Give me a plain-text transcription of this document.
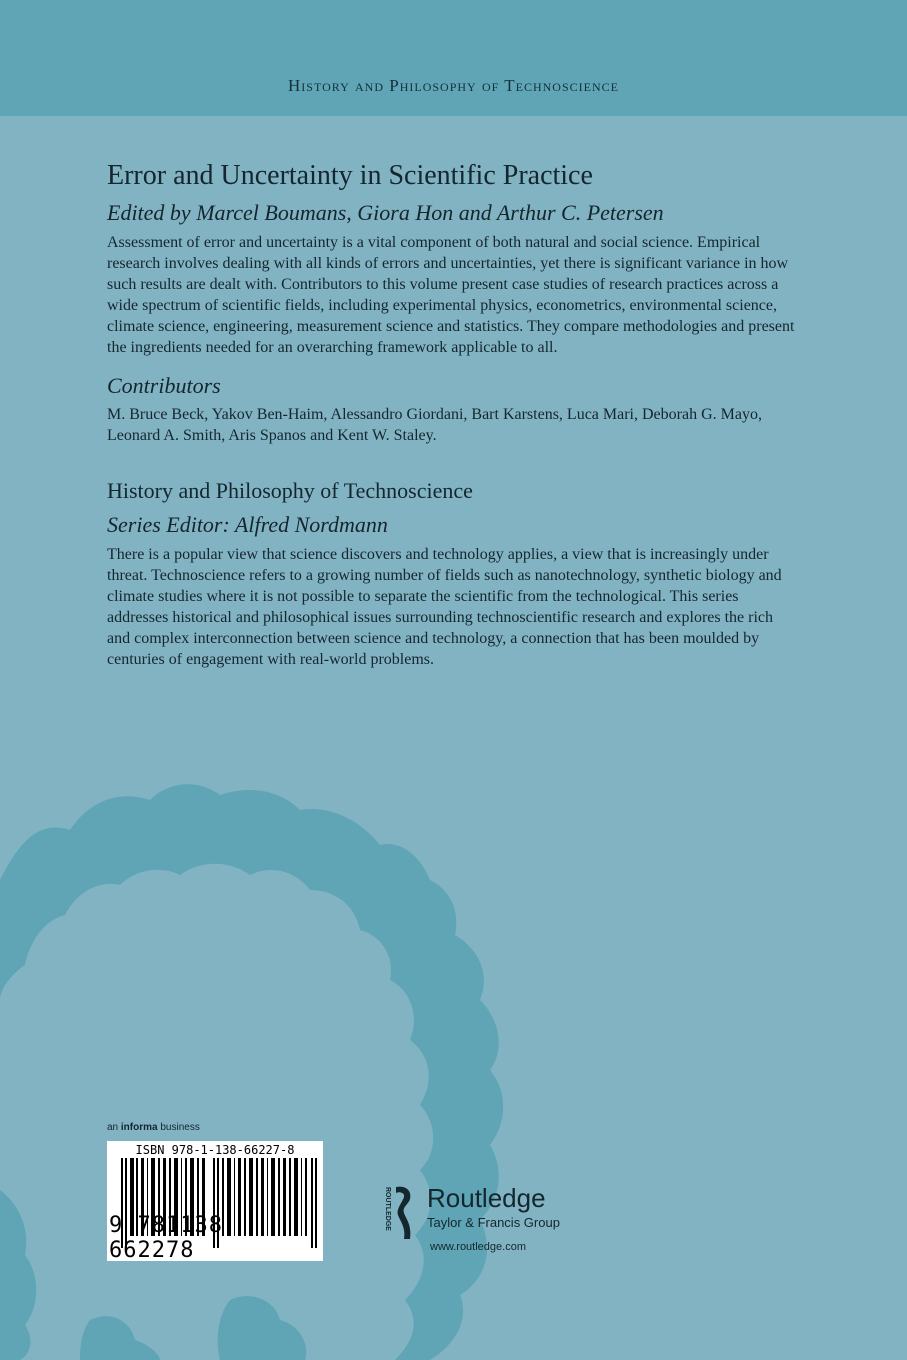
History and Philosophy of Technoscience
Error and Uncertainty in Scientific Practice
Edited by Marcel Boumans, Giora Hon and Arthur C. Petersen

Assessment of error and uncertainty is a vital component of both natural and social science. Empirical research involves dealing with all kinds of errors and uncertainties, yet there is significant variance in how such results are dealt with. Contributors to this volume present case studies of research practices across a wide spectrum of scientific fields, including experimental physics, econometrics, environmental science, climate science, engineering, measurement science and statistics. They compare methodologies and present the ingredients needed for an overarching framework applicable to all.

Contributors

M. Bruce Beck, Yakov Ben-Haim, Alessandro Giordani, Bart Karstens, Luca Mari, Deborah G. Mayo, Leonard A. Smith, Aris Spanos and Kent W. Staley.

History and Philosophy of Technoscience
Series Editor: Alfred Nordmann

There is a popular view that science discovers and technology applies, a view that is increasingly under threat. Technoscience refers to a growing number of fields such as nanotechnology, synthetic biology and climate studies where it is not possible to separate the scientific from the technological. This series addresses historical and philosophical issues surrounding technoscientific research and explores the rich and complex interconnection between science and technology, a connection that has been moulded by centuries of engagement with real-world problems.

an informa business
ISBN 978-1-138-66227-8
9 781138 662278
ROUTLEDGE Routledge
Taylor & Francis Group
www.routledge.com
